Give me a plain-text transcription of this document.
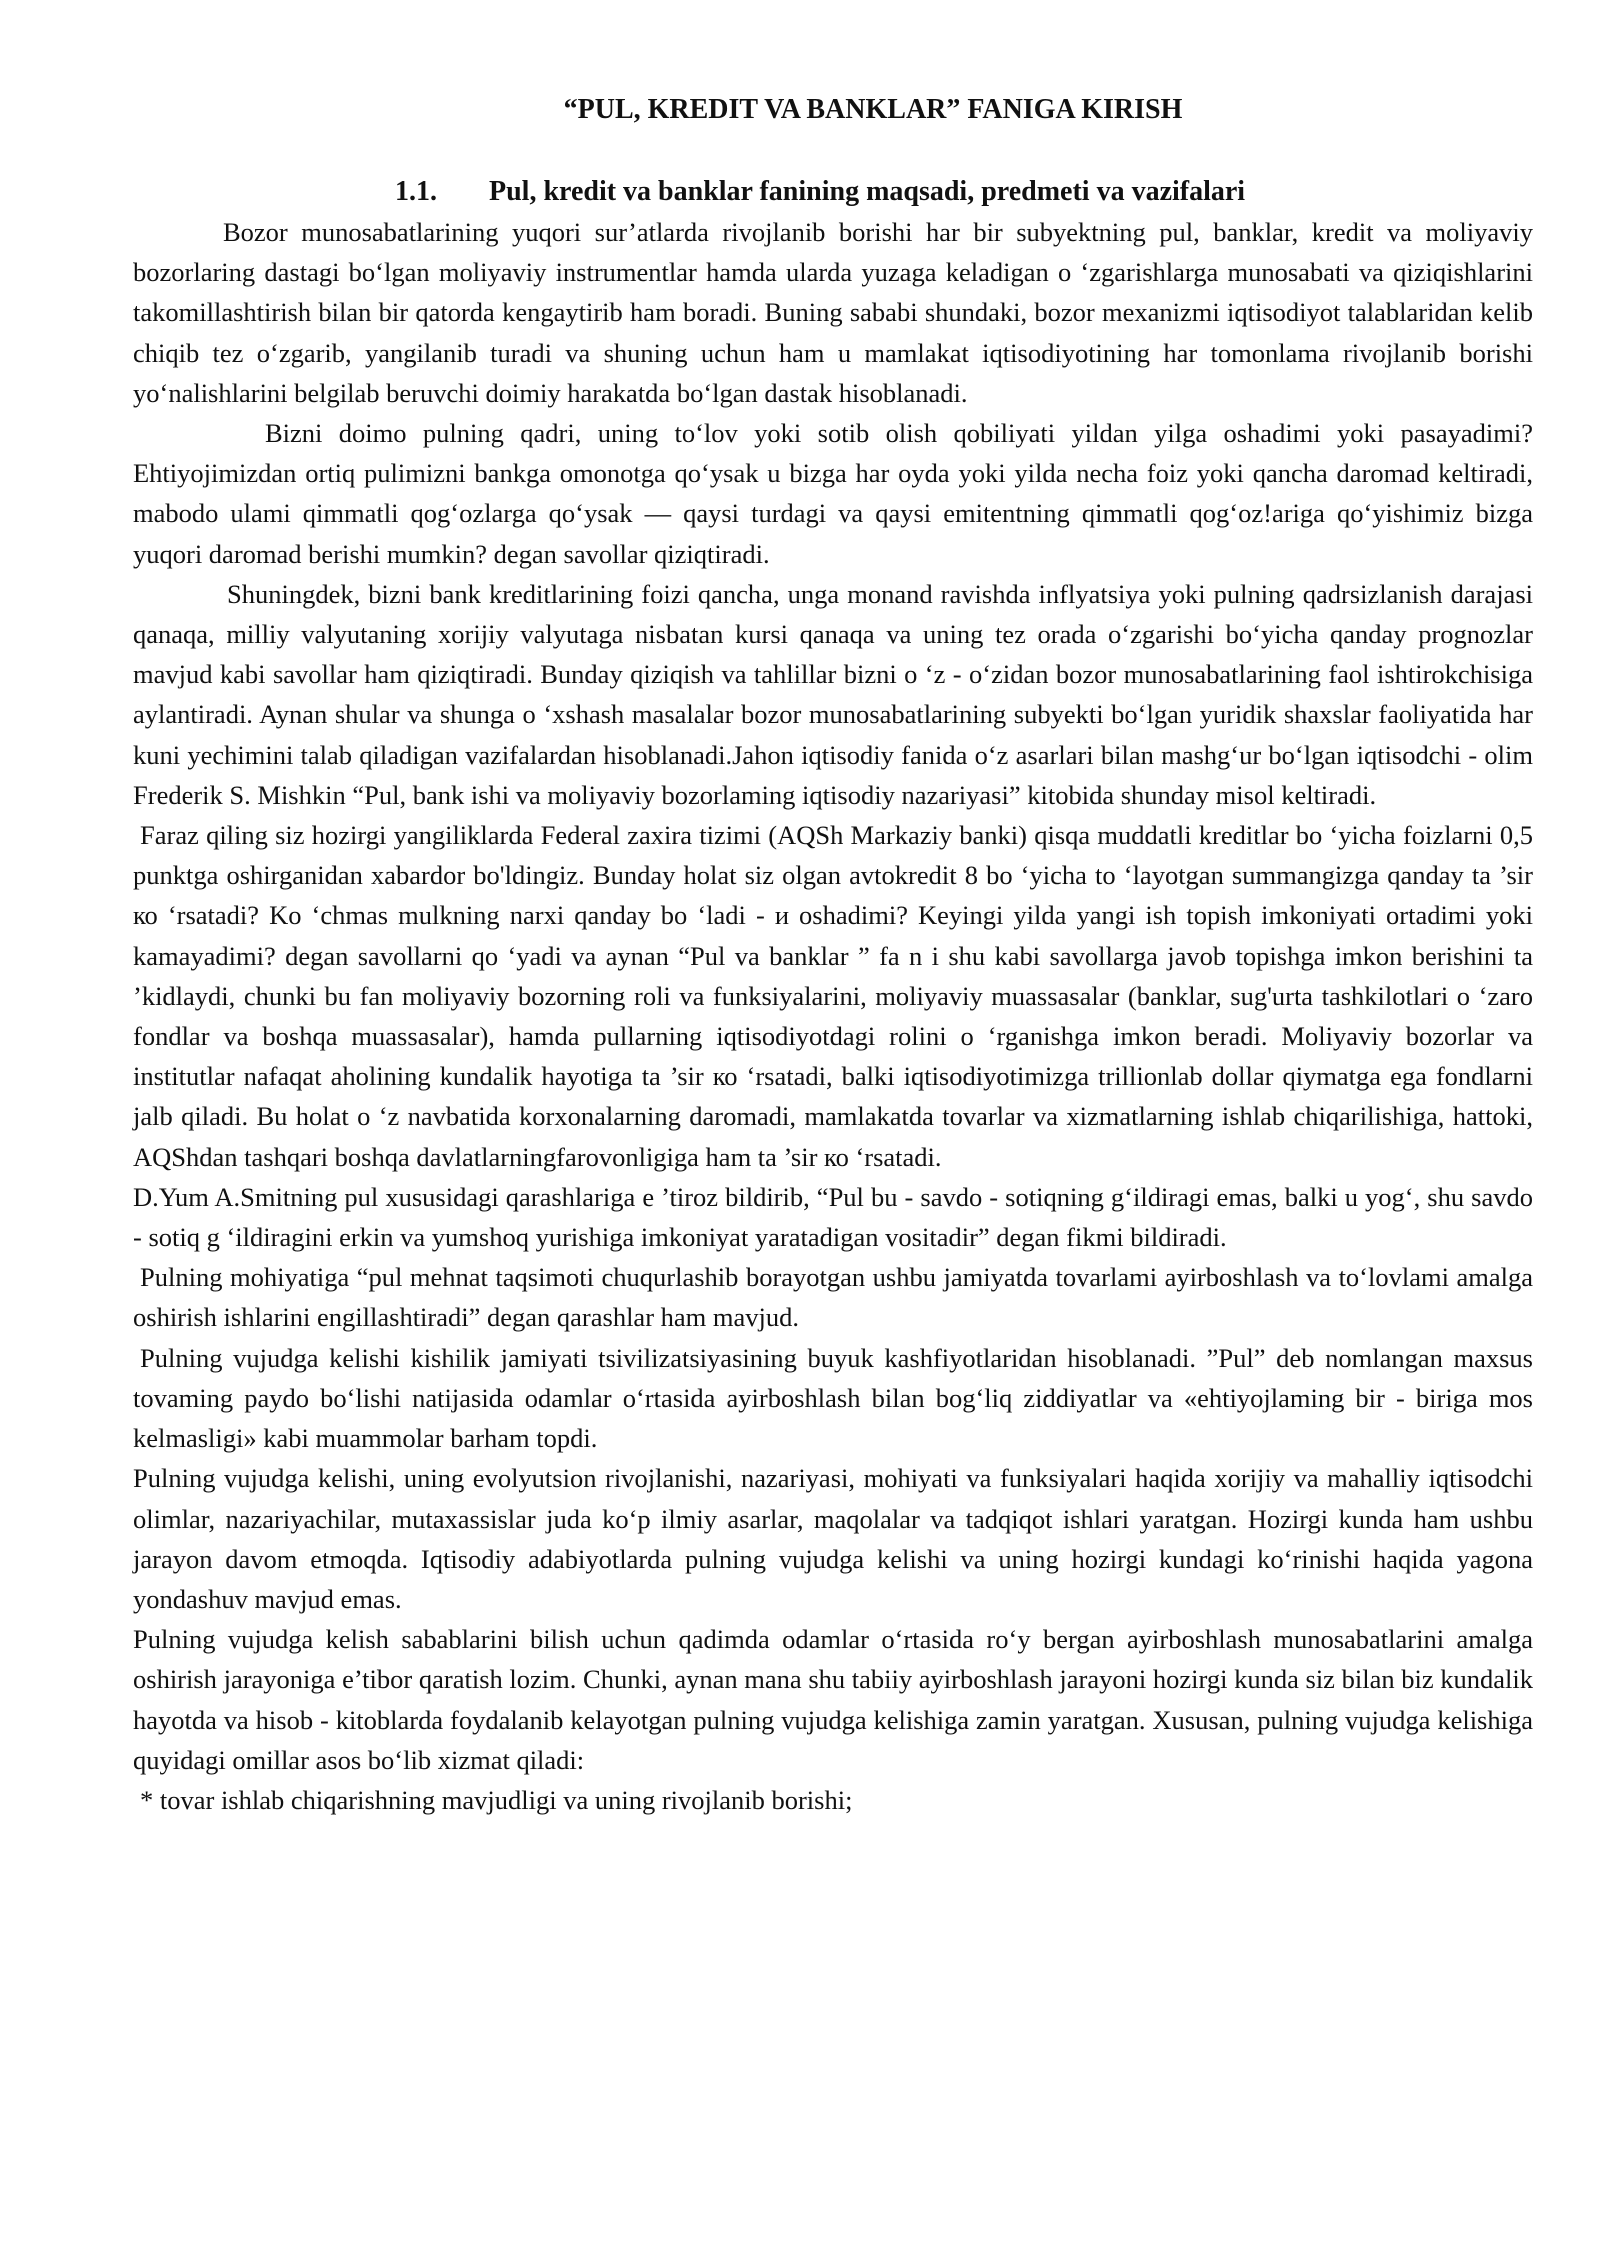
“PUL, KREDIT VA BANKLAR” FANIGA KIRISH
1.1. Pul, kredit va banklar fanining maqsadi, predmeti va vazifalari

Bozor munosabatlarining yuqori sur’atlarda rivojlanib borishi har bir subyektning pul, banklar, kredit va moliyaviy bozorlaring dastagi bo‘lgan moliyaviy instrumentlar hamda ularda yuzaga keladigan o ‘zgarishlarga munosabati va qiziqishlarini takomillashtirish bilan bir qatorda kengaytirib ham boradi. Buning sababi shundaki, bozor mexanizmi iqtisodiyot talablaridan kelib chiqib tez o‘zgarib, yangilanib turadi va shuning uchun ham u mamlakat iqtisodiyotining har tomonlama rivojlanib borishi yo‘nalishlarini belgilab beruvchi doimiy harakatda bo‘lgan dastak hisoblanadi.

Bizni doimo pulning qadri, uning to‘lov yoki sotib olish qobiliyati yildan yilga oshadimi yoki pasayadimi? Ehtiyojimizdan ortiq pulimizni bankga omonotga qo‘ysak u bizga har oyda yoki yilda necha foiz yoki qancha daromad keltiradi, mabodo ulami qimmatli qog‘ozlarga qo‘ysak — qaysi turdagi va qaysi emitentning qimmatli qog‘oz!ariga qo‘yishimiz bizga yuqori daromad berishi mumkin? degan savollar qiziqtiradi.

Shuningdek, bizni bank kreditlarining foizi qancha, unga monand ravishda inflyatsiya yoki pulning qadrsizlanish darajasi qanaqa, milliy valyutaning xorijiy valyutaga nisbatan kursi qanaqa va uning tez orada o‘zgarishi bo‘yicha qanday prognozlar mavjud kabi savollar ham qiziqtiradi. Bunday qiziqish va tahlillar bizni o ‘z - o‘zidan bozor munosabatlarining faol ishtirokchisiga aylantiradi. Aynan shular va shunga o ‘xshash masalalar bozor munosabatlarining subyekti bo‘lgan yuridik shaxslar faoliyatida har kuni yechimini talab qiladigan vazifalardan hisoblanadi.Jahon iqtisodiy fanida o‘z asarlari bilan mashg‘ur bo‘lgan iqtisodchi - olim Frederik S. Mishkin “Pul, bank ishi va moliyaviy bozorlaming iqtisodiy nazariyasi” kitobida shunday misol keltiradi.

Faraz qiling siz hozirgi yangiliklarda Federal zaxira tizimi (AQSh Markaziy banki) qisqa muddatli kreditlar bo ‘yicha foizlarni 0,5 punktga oshirganidan xabardor bo'ldingiz. Bunday holat siz olgan avtokredit 8 bo ‘yicha to ‘layotgan summangizga qanday ta ’sir ко ‘rsatadi? Ko ‘chmas mulkning narxi qanday bo ‘ladi - и oshadimi? Keyingi yilda yangi ish topish imkoniyati ortadimi yoki kamayadimi? degan savollarni qo ‘yadi va aynan “Pul va banklar ” fa n i shu kabi savollarga javob topishga imkon berishini ta ’kidlaydi, chunki bu fan moliyaviy bozorning roli va funksiyalarini, moliyaviy muassasalar (banklar, sug'urta tashkilotlari o ‘zaro fondlar va boshqa muassasalar), hamda pullarning iqtisodiyotdagi rolini o ‘rganishga imkon beradi. Moliyaviy bozorlar va institutlar nafaqat aholining kundalik hayotiga ta ’sir ко ‘rsatadi, balki iqtisodiyotimizga trillionlab dollar qiymatga ega fondlarni jalb qiladi. Bu holat o ‘z navbatida korxonalarning daromadi, mamlakatda tovarlar va xizmatlarning ishlab chiqarilishiga, hattoki, AQShdan tashqari boshqa davlatlarningfarovonligiga ham ta ’sir ко ‘rsatadi.

D.Yum A.Smitning pul xususidagi qarashlariga e ’tiroz bildirib, “Pul bu - savdo - sotiqning g‘ildiragi emas, balki u yog‘, shu savdo - sotiq g ‘ildiragini erkin va yumshoq yurishiga imkoniyat yaratadigan vositadir” degan fikmi bildiradi.

Pulning mohiyatiga “pul mehnat taqsimoti chuqurlashib borayotgan ushbu jamiyatda tovarlami ayirboshlash va to‘lovlami amalga oshirish ishlarini engillashtiradi” degan qarashlar ham mavjud.

Pulning vujudga kelishi kishilik jamiyati tsivilizatsiyasining buyuk kashfiyotlaridan hisoblanadi. ”Pul” deb nomlangan maxsus tovaming paydo bo‘lishi natijasida odamlar o‘rtasida ayirboshlash bilan bog‘liq ziddiyatlar va «ehtiyojlaming bir - biriga mos kelmasligi» kabi muammolar barham topdi.

Pulning vujudga kelishi, uning evolyutsion rivojlanishi, nazariyasi, mohiyati va funksiyalari haqida xorijiy va mahalliy iqtisodchi olimlar, nazariyachilar, mutaxassislar juda ko‘p ilmiy asarlar, maqolalar va tadqiqot ishlari yaratgan. Hozirgi kunda ham ushbu jarayon davom etmoqda. Iqtisodiy adabiyotlarda pulning vujudga kelishi va uning hozirgi kundagi ko‘rinishi haqida yagona yondashuv mavjud emas.

Pulning vujudga kelish sabablarini bilish uchun qadimda odamlar o‘rtasida ro‘y bergan ayirboshlash munosabatlarini amalga oshirish jarayoniga e’tibor qaratish lozim. Chunki, aynan mana shu tabiiy ayirboshlash jarayoni hozirgi kunda siz bilan biz kundalik hayotda va hisob - kitoblarda foydalanib kelayotgan pulning vujudga kelishiga zamin yaratgan. Xususan, pulning vujudga kelishiga quyidagi omillar asos bo‘lib xizmat qiladi:

* tovar ishlab chiqarishning mavjudligi va uning rivojlanib borishi;
